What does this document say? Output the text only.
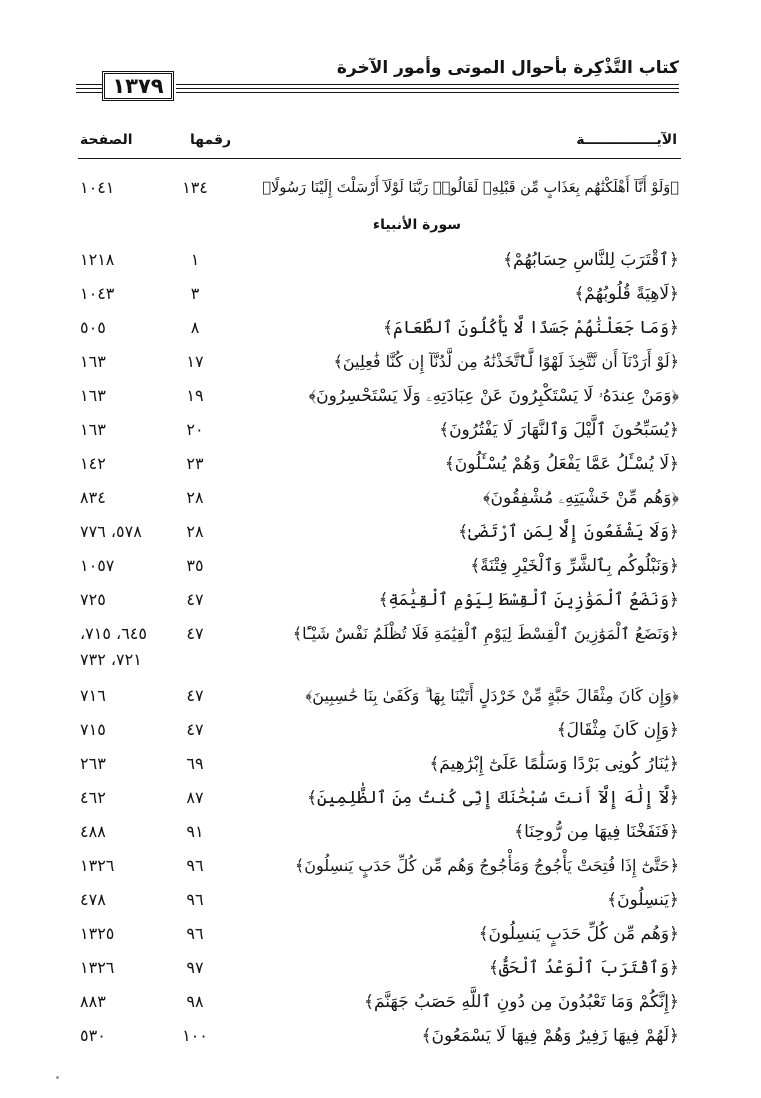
كتاب التَّذْكِرة بأحوال الموتى وأمور الآخرة
١٣٧٩
الصفحة	رقمها	الآيـــــــــــــــة
﴿وَلَوْ أَنَّآ أَهْلَكْنَٰهُم بِعَذَابٍ مِّن قَبْلِهِۦ لَقَالُوا۟ رَبَّنَا لَوْلَآ أَرْسَلْتَ إِلَيْنَا رَسُولًا﴾
١٣٤
١٠٤١
سورة الأنبياء
﴿ٱقْتَرَبَ لِلنَّاسِ حِسَابُهُمْ﴾
١
١٢١٨
﴿لَاهِيَةً قُلُوبُهُمْ﴾
٣
١٠٤٣
﴿وَمَا جَعَلْنَٰهُمْ جَسَدًا لَّا يَأْكُلُونَ ٱلطَّعَامَ﴾
٨
٥٠٥
﴿لَوْ أَرَدْنَآ أَن نَّتَّخِذَ لَهْوًا لَّٱتَّخَذْنَٰهُ مِن لَّدُنَّآ إِن كُنَّا فَٰعِلِينَ﴾
١٧
١٦٣
﴿وَمَنْ عِندَهُۥ لَا يَسْتَكْبِرُونَ عَنْ عِبَادَتِهِۦ وَلَا يَسْتَحْسِرُونَ﴾
١٩
١٦٣
﴿يُسَبِّحُونَ ٱلَّيْلَ وَٱلنَّهَارَ لَا يَفْتُرُونَ﴾
٢٠
١٦٣
﴿لَا يُسْـَٔلُ عَمَّا يَفْعَلُ وَهُمْ يُسْـَٔلُونَ﴾
٢٣
١٤٢
﴿وَهُم مِّنْ خَشْيَتِهِۦ مُشْفِقُونَ﴾
٢٨
٨٣٤
﴿وَلَا يَشْفَعُونَ إِلَّا لِمَنِ ٱرْتَضَىٰ﴾
٢٨
٥٧٨، ٧٧٦
﴿وَنَبْلُوكُم بِٱلشَّرِّ وَٱلْخَيْرِ فِتْنَةً﴾
٣٥
١٠٥٧
﴿وَنَضَعُ ٱلْمَوَٰزِينَ ٱلْقِسْطَ لِيَوْمِ ٱلْقِيَٰمَةِ﴾
٤٧
٧٢٥
﴿وَنَضَعُ ٱلْمَوَٰزِينَ ٱلْقِسْطَ لِيَوْمِ ٱلْقِيَٰمَةِ فَلَا تُظْلَمُ نَفْسٌ شَيْـًٔا﴾
٤٧
٦٤٥، ٧١٥،
٧٢١، ٧٣٢
﴿وَإِن كَانَ مِثْقَالَ حَبَّةٍ مِّنْ خَرْدَلٍ أَتَيْنَا بِهَا ۗ وَكَفَىٰ بِنَا حَٰسِبِينَ﴾
٤٧
٧١٦
﴿وَإِن كَانَ مِثْقَالَ﴾
٤٧
٧١٥
﴿يَٰنَارُ كُونِى بَرْدًا وَسَلَٰمًا عَلَىٰٓ إِبْرَٰهِيمَ﴾
٦٩
٢٦٣
﴿لَّآ إِلَٰهَ إِلَّآ أَنتَ سُبْحَٰنَكَ إِنِّى كُنتُ مِنَ ٱلظَّٰلِمِينَ﴾
٨٧
٤٦٢
﴿فَنَفَخْنَا فِيهَا مِن رُّوحِنَا﴾
٩١
٤٨٨
﴿حَتَّىٰٓ إِذَا فُتِحَتْ يَأْجُوجُ وَمَأْجُوجُ وَهُم مِّن كُلِّ حَدَبٍ يَنسِلُونَ﴾
٩٦
١٣٢٦
﴿يَنسِلُونَ﴾
٩٦
٤٧٨
﴿وَهُم مِّن كُلِّ حَدَبٍ يَنسِلُونَ﴾
٩٦
١٣٢٥
﴿وَٱقْتَرَبَ ٱلْوَعْدُ ٱلْحَقُّ﴾
٩٧
١٣٢٦
﴿إِنَّكُمْ وَمَا تَعْبُدُونَ مِن دُونِ ٱللَّهِ حَصَبُ جَهَنَّمَ﴾
٩٨
٨٨٣
﴿لَهُمْ فِيهَا زَفِيرٌ وَهُمْ فِيهَا لَا يَسْمَعُونَ﴾
١٠٠
٥٣٠
